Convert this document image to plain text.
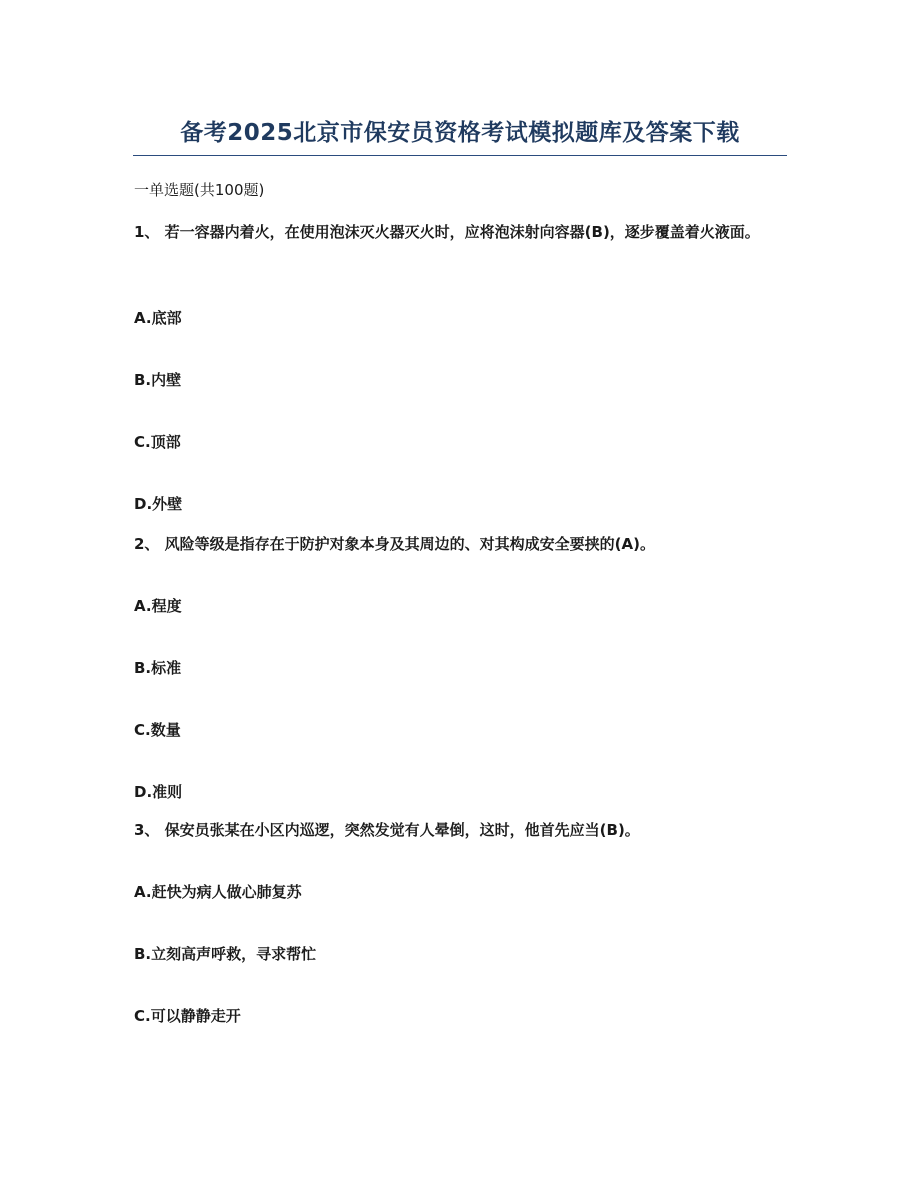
备考2025北京市保安员资格考试模拟题库及答案下载

一单选题(共100题)

1、 若一容器内着火，在使用泡沫灭火器灭火时，应将泡沫射向容器(B)，逐步覆盖着火液面。

A.底部

B.内壁

C.顶部

D.外壁

2、 风险等级是指存在于防护对象本身及其周边的、对其构成安全要挟的(A)。

A.程度

B.标准

C.数量

D.准则

3、 保安员张某在小区内巡逻，突然发觉有人晕倒，这时，他首先应当(B)。

A.赶快为病人做心肺复苏

B.立刻高声呼救，寻求帮忙

C.可以静静走开
